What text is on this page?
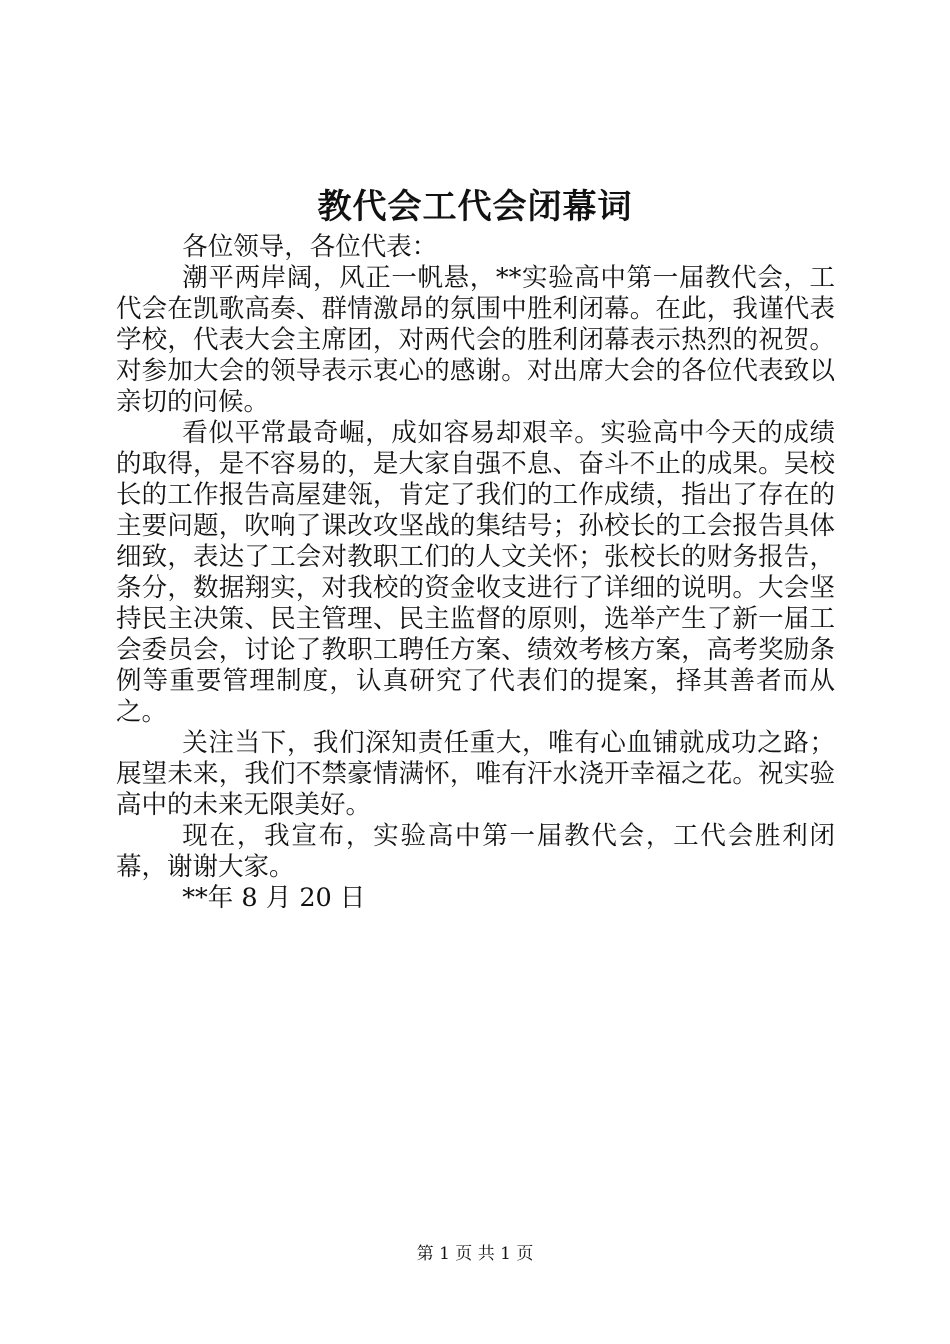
教代会工代会闭幕词

各位领导，各位代表：

潮平两岸阔，风正一帆悬，**实验高中第一届教代会，工代会在凯歌高奏、群情激昂的氛围中胜利闭幕。在此，我谨代表学校，代表大会主席团，对两代会的胜利闭幕表示热烈的祝贺。对参加大会的领导表示衷心的感谢。对出席大会的各位代表致以亲切的问候。

看似平常最奇崛，成如容易却艰辛。实验高中今天的成绩的取得，是不容易的，是大家自强不息、奋斗不止的成果。吴校长的工作报告高屋建瓴，肯定了我们的工作成绩，指出了存在的主要问题，吹响了课改攻坚战的集结号；孙校长的工会报告具体细致，表达了工会对教职工们的人文关怀；张校长的财务报告，条分，数据翔实，对我校的资金收支进行了详细的说明。大会坚持民主决策、民主管理、民主监督的原则，选举产生了新一届工会委员会，讨论了教职工聘任方案、绩效考核方案，高考奖励条例等重要管理制度，认真研究了代表们的提案，择其善者而从之。

关注当下，我们深知责任重大，唯有心血铺就成功之路；展望未来，我们不禁豪情满怀，唯有汗水浇开幸福之花。祝实验高中的未来无限美好。

现在，我宣布，实验高中第一届教代会，工代会胜利闭幕，谢谢大家。

**年 8 月 20 日

第 1 页 共 1 页
